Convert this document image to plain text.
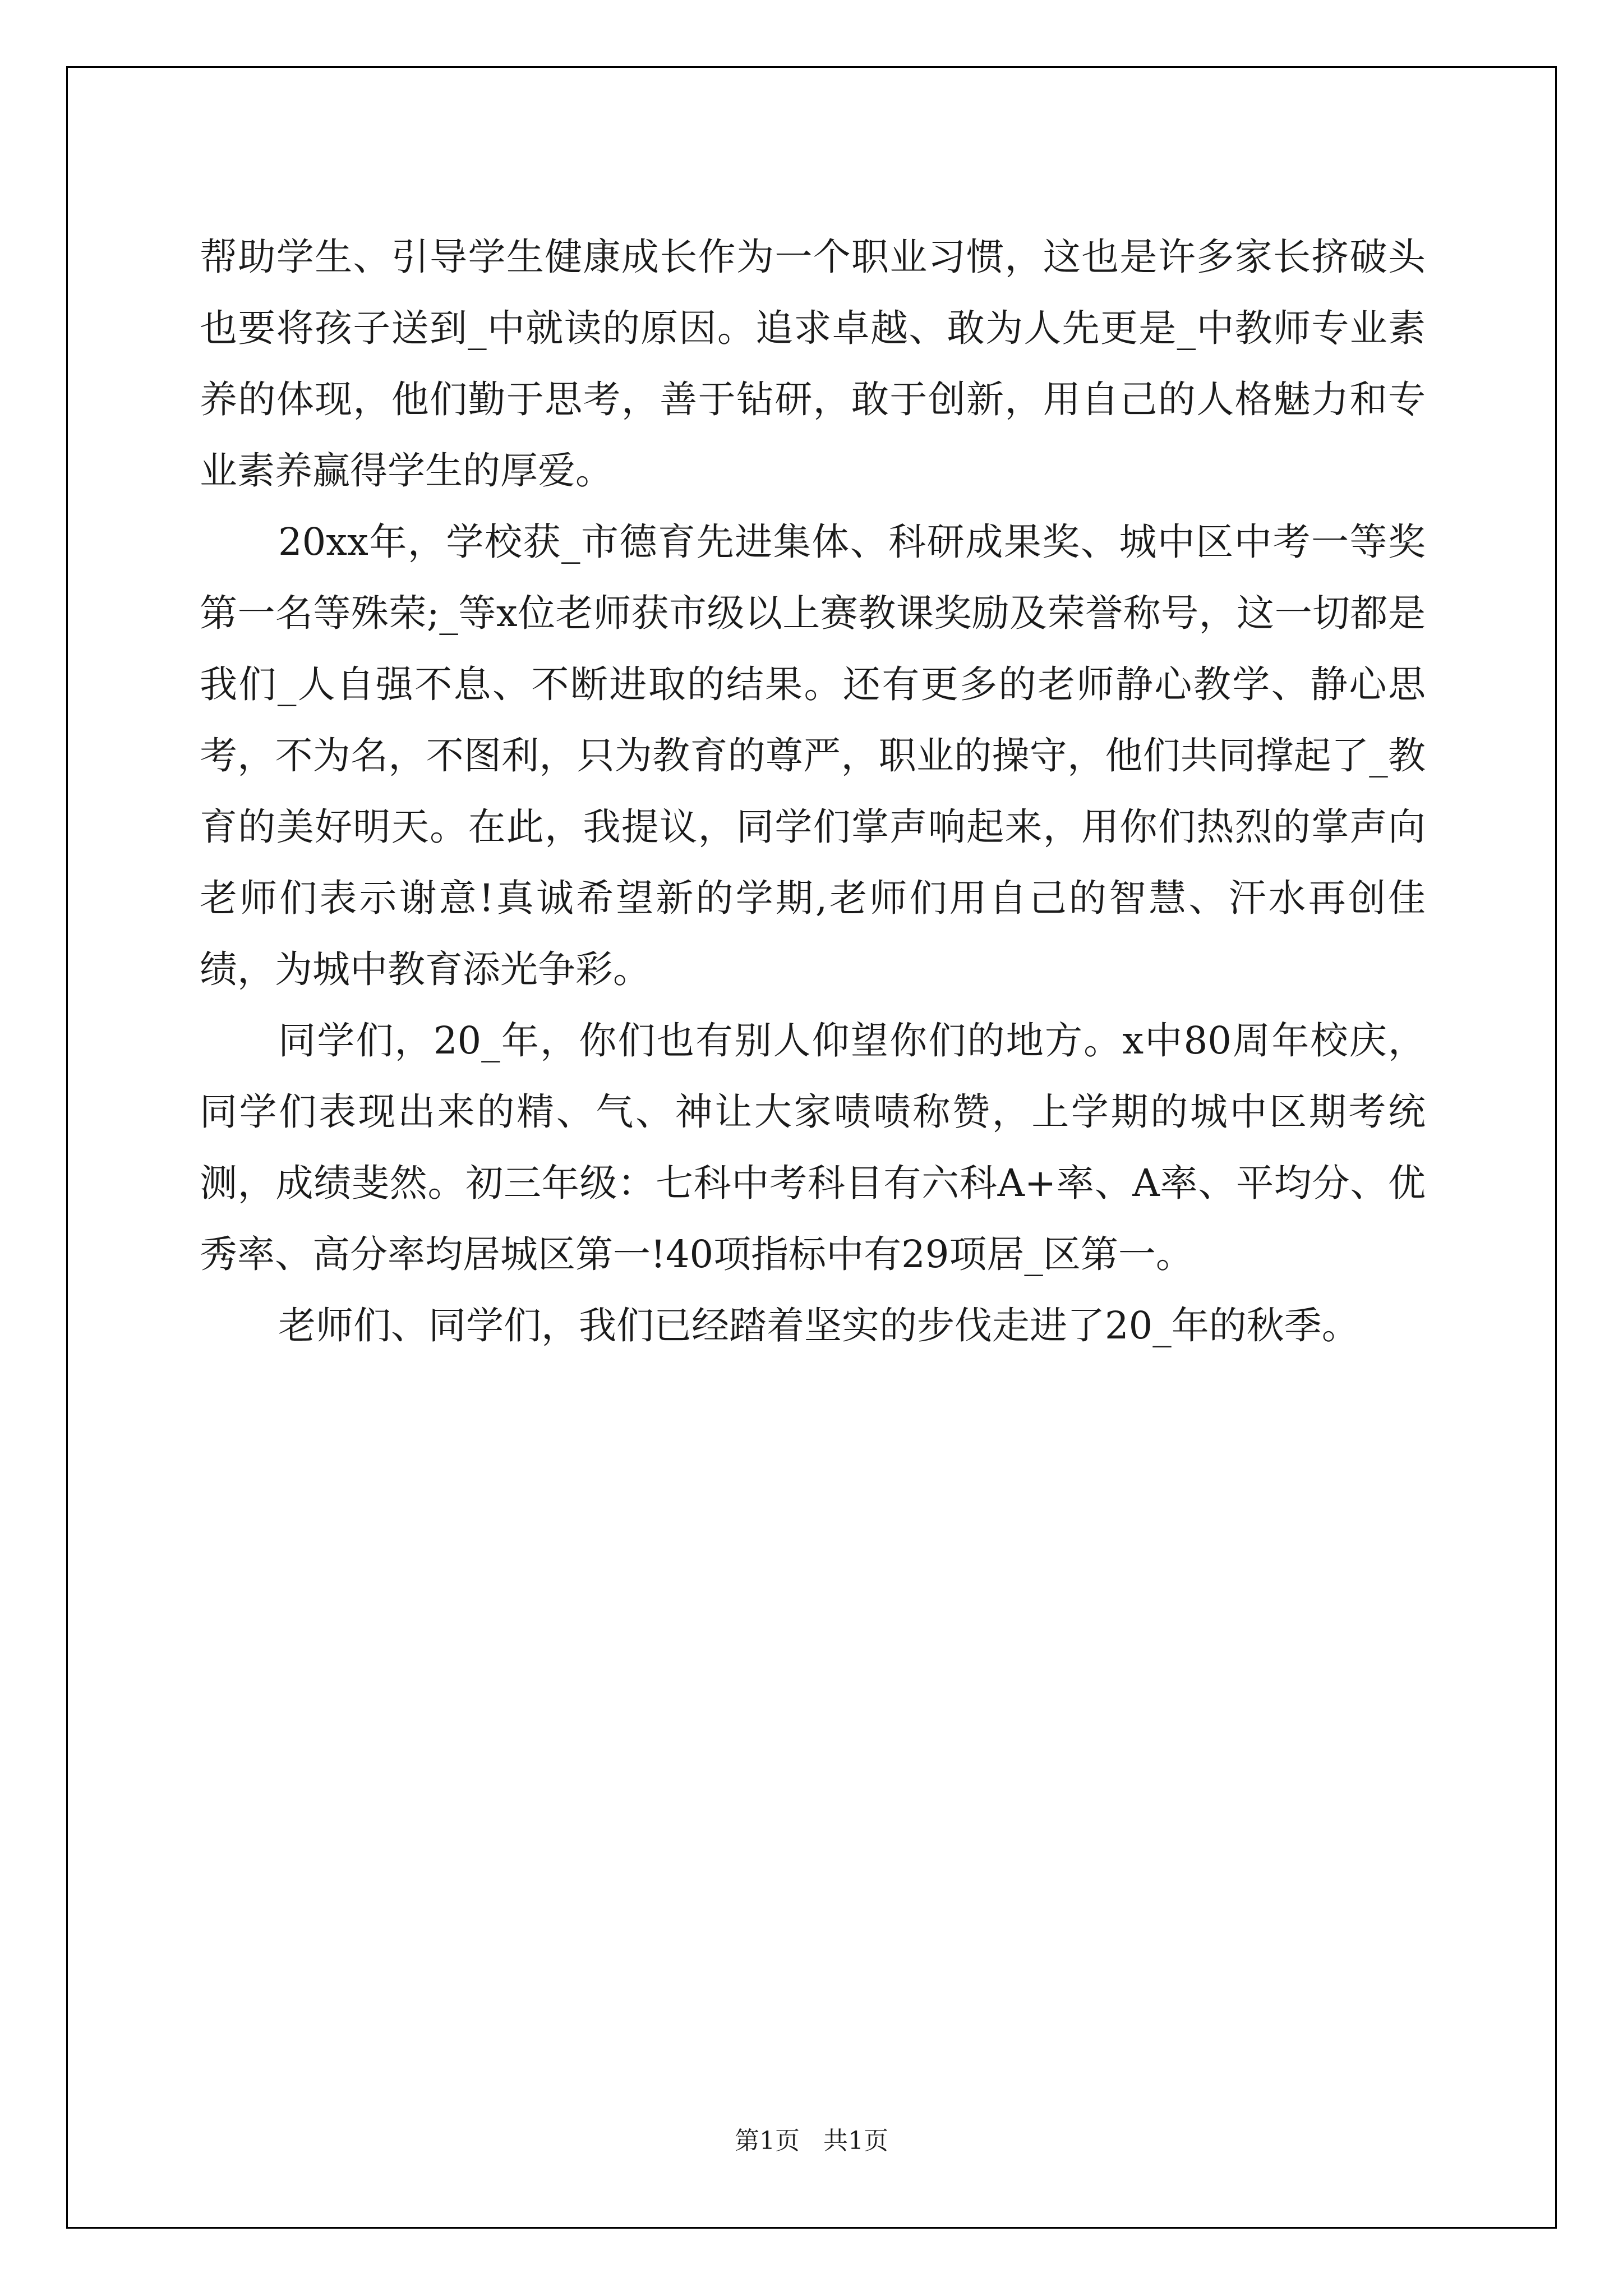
帮助学生、引导学生健康成长作为一个职业习惯，这也是许多家长挤破头也要将孩子送到_中就读的原因。追求卓越、敢为人先更是_中教师专业素养的体现，他们勤于思考，善于钻研，敢于创新，用自己的人格魅力和专业素养赢得学生的厚爱。

20xx年，学校获_市德育先进集体、科研成果奖、城中区中考一等奖第一名等殊荣;_等x位老师获市级以上赛教课奖励及荣誉称号，这一切都是我们_人自强不息、不断进取的结果。还有更多的老师静心教学、静心思考，不为名，不图利，只为教育的尊严，职业的操守，他们共同撑起了_教育的美好明天。在此，我提议，同学们掌声响起来，用你们热烈的掌声向老师们表示谢意!真诚希望新的学期,老师们用自己的智慧、汗水再创佳绩，为城中教育添光争彩。

同学们，20_年，你们也有别人仰望你们的地方。x中80周年校庆，同学们表现出来的精、气、神让大家啧啧称赞，上学期的城中区期考统测，成绩斐然。初三年级：七科中考科目有六科A+率、A率、平均分、优秀率、高分率均居城区第一!40项指标中有29项居_区第一。

老师们、同学们，我们已经踏着坚实的步伐走进了20_年的秋季。

第1页   共1页
